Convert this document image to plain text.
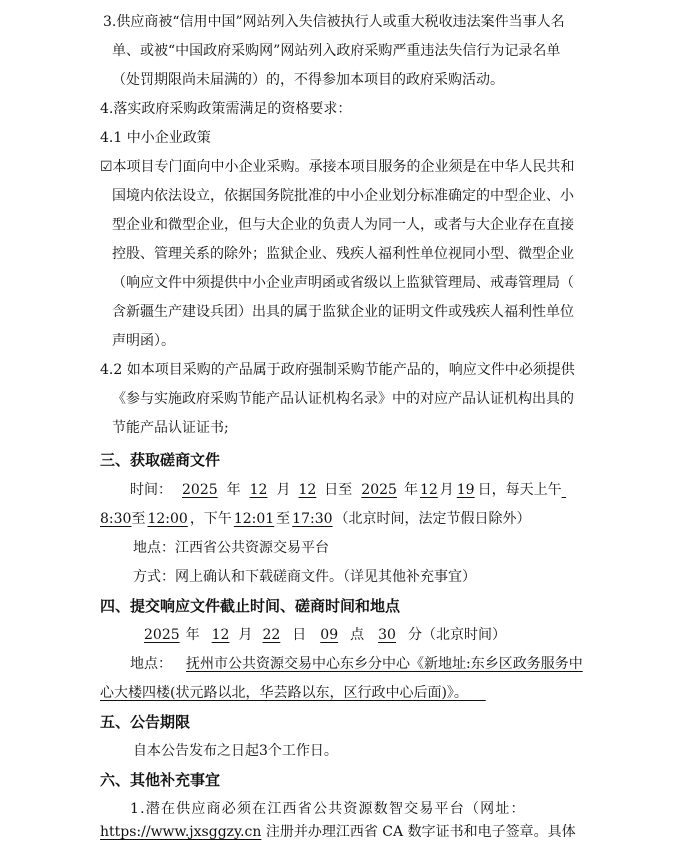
3.供应商被“信用中国”网站列入失信被执行人或重大税收违法案件当事人名
单、或被“中国政府采购网”网站列入政府采购严重违法失信行为记录名单
（处罚期限尚未届满的）的，不得参加本项目的政府采购活动。
4.落实政府采购政策需满足的资格要求：
4.1 中小企业政策
☑本项目专门面向中小企业采购。承接本项目服务的企业须是在中华人民共和
国境内依法设立，依据国务院批准的中小企业划分标准确定的中型企业、小
型企业和微型企业，但与大企业的负责人为同一人，或者与大企业存在直接
控股、管理关系的除外；监狱企业、残疾人福利性单位视同小型、微型企业
（响应文件中须提供中小企业声明函或省级以上监狱管理局、戒毒管理局（
含新疆生产建设兵团）出具的属于监狱企业的证明文件或残疾人福利性单位
声明函）。
4.2 如本项目采购的产品属于政府强制采购节能产品的，响应文件中必须提供
《参与实施政府采购节能产品认证机构名录》中的对应产品认证机构出具的
节能产品认证证书;
三、获取磋商文件
时间： 2025 年 12 月 12 日至 2025 年 12 月 19 日，每天上午
8:30至 12:00 ，下午 12:01 至 17:30 （北京时间，法定节假日除外）
地点：江西省公共资源交易平台
方式：网上确认和下载磋商文件。（详见其他补充事宜）
四、提交响应文件截止时间、磋商时间和地点
2025 年 12 月 22 日 09 点 30 分（北京时间）
地点： 抚州市公共资源交易中心东乡分中心《新地址:东乡区政务服务中
心大楼四楼(状元路以北，华芸路以东，区行政中心后面)》。
五、公告期限
自本公告发布之日起3个工作日。
六、其他补充事宜
1.潜在供应商必须在江西省公共资源数智交易平台（网址：
https://www.jxsggzy.cn 注册并办理江西省 CA 数字证书和电子签章。具体
